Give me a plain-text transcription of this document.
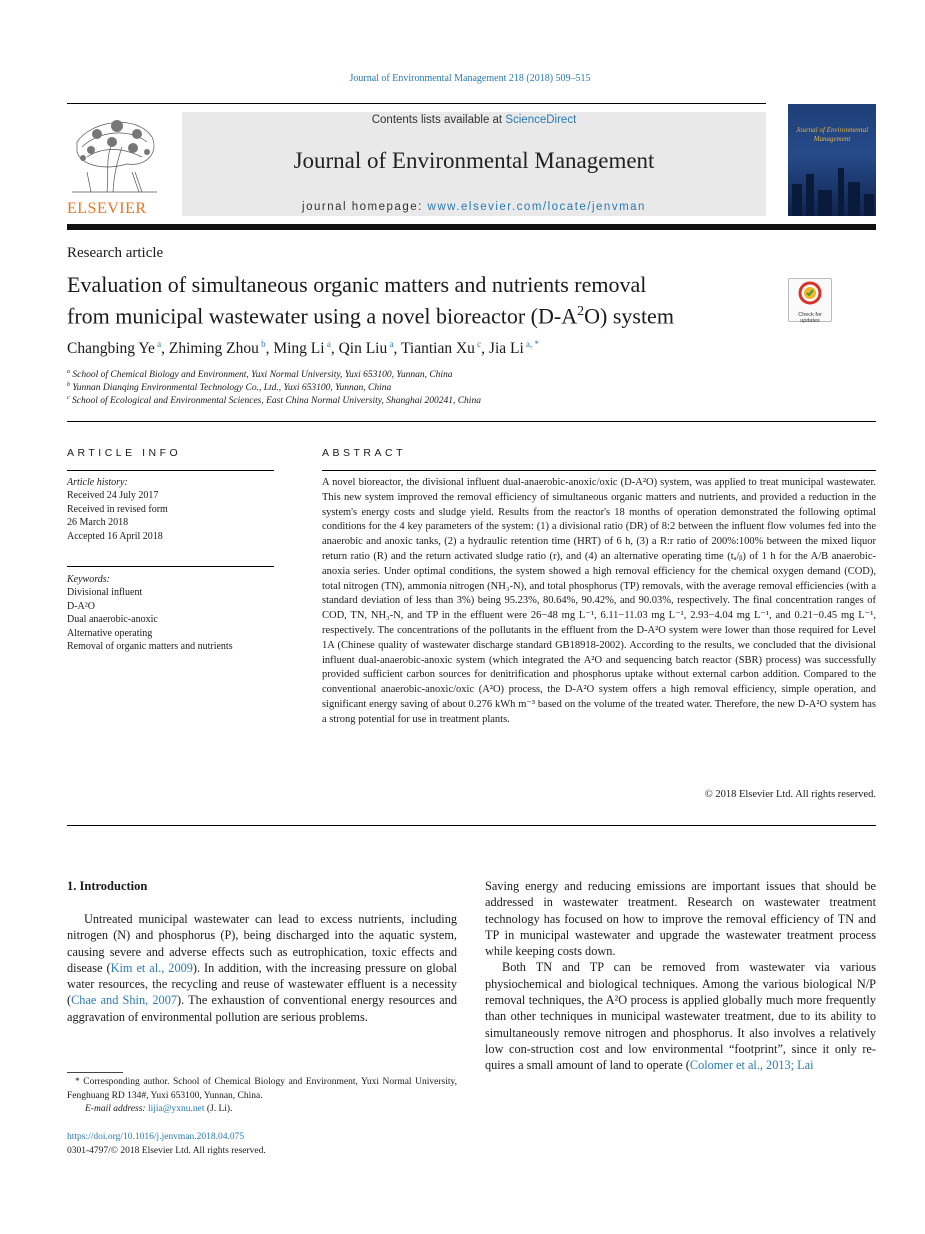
Journal of Environmental Management 218 (2018) 509–515
ELSEVIER
Contents lists available at ScienceDirect
Journal of Environmental Management
journal homepage: www.elsevier.com/locate/jenvman
Journal of Environmental Management
Research article
Evaluation of simultaneous organic matters and nutrients removal
from municipal wastewater using a novel bioreactor $(D-A^2O)$ system	Check for updates
Changbing Ye $^a$, Zhiming Zhou $^b$, Ming Li $^a$, Qin Liu $^a$, Tiantian Xu $^c$, Jia Li $^{a, *}$
$^a$ School of Chemical Biology and Environment, Yuxi Normal University, Yuxi 653100, Yunnan, China
$^b$ Yunnan Dianqing Environmental Technology Co., Ltd., Yuxi 653100, Yunnan, China
$^c$ School of Ecological and Environmental Sciences, East China Normal University, Shanghai 200241, China
ARTICLE INFO
Article history:
Received 24 July 2017
Received in revised form
26 March 2018
Accepted 16 April 2018
Keywords:
Divisional influent
D-A²O
Dual anaerobic-anoxic
Alternative operating
Removal of organic matters and nutrients
ABSTRACT
A novel bioreactor, the divisional influent dual-anaerobic-anoxic/oxic (D-A²O) system, was applied to treat municipal wastewater. This new system improved the removal efficiency of simultaneous organic matters and nutrients, and provided a reduction in the system's energy costs and sludge yield. Results from the reactor's 18 months of operation demonstrated the following optimal conditions for the 4 key parameters of the system: (1) a divisional ratio (DR) of 8:2 between the influent flow volumes fed into the anaerobic and anoxic tanks, (2) a hydraulic retention time (HRT) of 6 h, (3) a R:r ratio of 200%:100% between the mixed liquor return ratio (R) and the return activated sludge ratio (r), and (4) an alternative operating time (tₐ/ᵦ) of 1 h for the A/B anaerobic-anoxia series. Under optimal conditions, the system showed a high removal efficiency for the chemical oxygen demand (COD), total nitrogen (TN), ammonia nitrogen (NH₃-N), and total phosphorus (TP) removals, with the average removal efficiencies (with a standard deviation of less than 3%) being 95.23%, 80.64%, 90.42%, and 90.03%, respectively. The final concentration ranges of COD, TN, NH₃-N, and TP in the effluent were 26−48 mg L⁻¹, 6.11−11.03 mg L⁻¹, 2.93−4.04 mg L⁻¹, and 0.21−0.45 mg L⁻¹, respectively. The concentrations of the pollutants in the effluent from the D-A²O system were lower than those required for Level 1A (Chinese quality of wastewater discharge standard GB18918-2002). According to the results, we concluded that the divisional influent dual-anaerobic-anoxic system (which integrated the A²O and sequencing batch reactor (SBR) process) was successfully provided sufficient carbon sources for denitrification and phosphorus uptake without external carbon addition. Compared to the conventional anaerobic-anoxic/oxic (A²O) process, the D-A²O system offers a high removal efficiency, simple operation, and significant energy saving of about 0.276 kWh m⁻³ based on the volume of the treated water. Therefore, the new D-A²O system has a strong potential for use in treatment plants.
© 2018 Elsevier Ltd. All rights reserved.
1. Introduction

Untreated municipal wastewater can lead to excess nutrients, including nitrogen (N) and phosphorus (P), being discharged into the aquatic system, causing severe and adverse effects such as eutrophication, toxic effects and disease (Kim et al., 2009). In addition, with the increasing pressure on global water resources, the recycling and reuse of wastewater effluent is a necessity (Chae and Shin, 2007). The exhaustion of conventional energy resources and aggravation of environmental pollution are serious problems.

Saving energy and reducing emissions are important issues that should be addressed in wastewater treatment. Research on wastewater treatment technology has focused on how to improve the removal efficiency of TN and TP in municipal wastewater and upgrade the wastewater treatment process while keeping costs down.

Both TN and TP can be removed from wastewater via various physiochemical and biological techniques. Among the various biological N/P removal techniques, the A²O process is applied globally much more frequently than other techniques in municipal wastewater treatment, due to its ability to simultaneously remove nitrogen and phosphorus. It also involves a relatively low con-struction cost and low environmental “footprint”, since it only re-quires a small amount of land to operate (Colomer et al., 2013; Lai

* Corresponding author. School of Chemical Biology and Environment, Yuxi Normal University, Fenghuang RD 134#, Yuxi 653100, Yunnan, China.
E-mail address: lijia@yxnu.net (J. Li).
https://doi.org/10.1016/j.jenvman.2018.04.075
0301-4797/© 2018 Elsevier Ltd. All rights reserved.
